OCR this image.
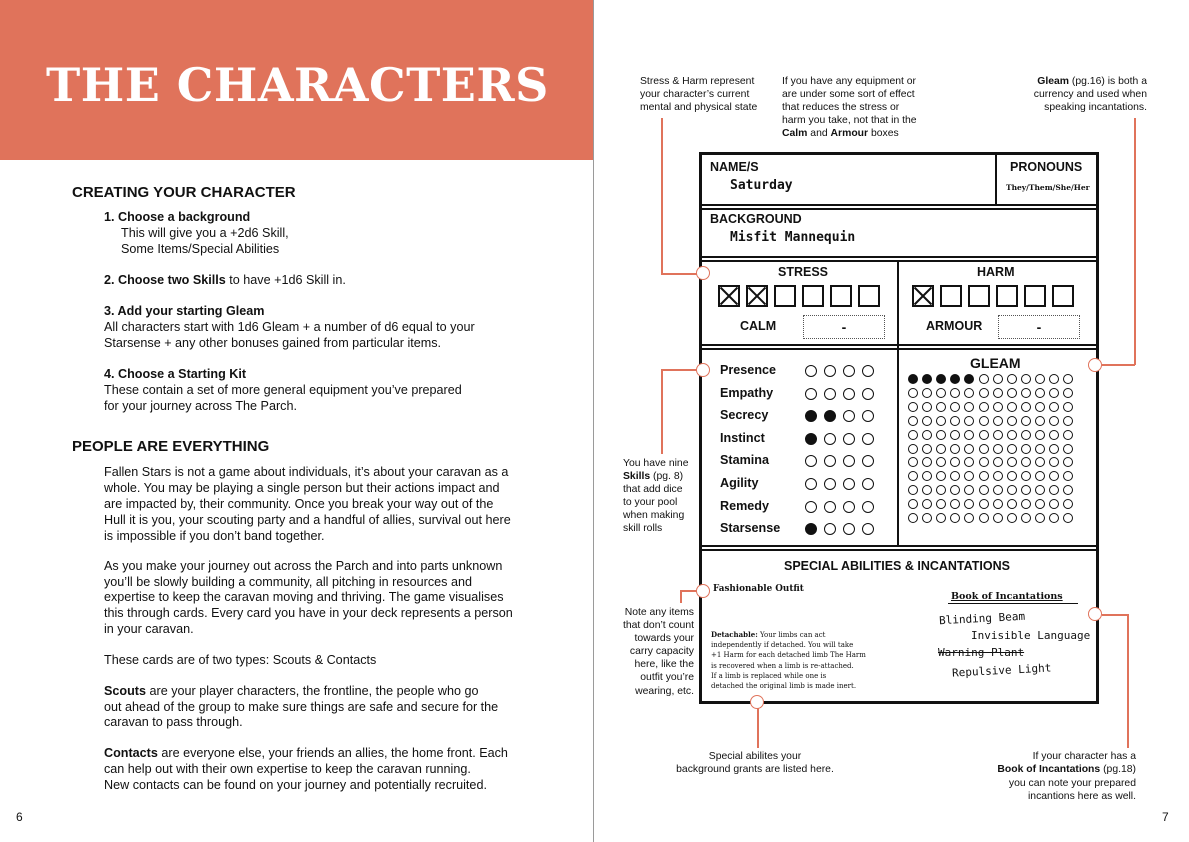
THE CHARACTERS
CREATING YOUR CHARACTER
1. Choose a background
This will give you a +2d6 Skill,
Some Items/Special Abilities
2. Choose two Skills to have +1d6 Skill in.
3. Add your starting Gleam
All characters start with 1d6 Gleam + a number of d6 equal to your
Starsense + any other bonuses gained from particular items.
4. Choose a Starting Kit
These contain a set of more general equipment you’ve prepared
for your journey across The Parch.
PEOPLE ARE EVERYTHING
Fallen Stars is not a game about individuals, it’s about your caravan as a
whole. You may be playing a single person but their actions impact and
are impacted by, their community. Once you break your way out of the
Hull it is you, your scouting party and a handful of allies, survival out here
is impossible if you don’t band together.
As you make your journey out across the Parch and into parts unknown
you’ll be slowly building a community, all pitching in resources and
expertise to keep the caravan moving and thriving. The game visualises
this through cards. Every card you have in your deck represents a person
in your caravan.
These cards are of two types: Scouts & Contacts
Scouts are your player characters, the frontline, the people who go
out ahead of the group to make sure things are safe and secure for the
caravan to pass through.
Contacts are everyone else, your friends an allies, the home front. Each
can help out with their own expertise to keep the caravan running.
New contacts can be found on your journey and potentially recruited.
6
Stress & Harm represent
your character’s current
mental and physical state
If you have any equipment or
are under some sort of effect
that reduces the stress or
harm you take, not that in the
Calm and Armour boxes
Gleam (pg.16) is both a
currency and used when
speaking incantations.
You have nine
Skills (pg. 8)
that add dice
to your pool
when making
skill rolls
Note any items
that don’t count
towards your
carry capacity
here, like the
outfit you’re
wearing, etc.
Special abilites your
background grants are listed here.
If your character has a
Book of Incantations (pg.18)
you can note your prepared
incantions here as well.
NAME/S
Saturday
PRONOUNS
They/Them/She/Her
BACKGROUND
Misfit Mannequin
STRESS	HARM
CALM	-	ARMOUR	-
Presence
Empathy
Secrecy
Instinct
Stamina
Agility
Remedy
Starsense
GLEAM
SPECIAL ABILITIES & INCANTATIONS
Fashionable Outfit
Detachable: Your limbs can act
independently if detached. You will take
+1 Harm for each detached limb The Harm
is recovered when a limb is re-attached.
If a limb is replaced while one is
detached the original limb is made inert.
Book of Incantations
Blinding Beam
Invisible Language
Warning Plant
Repulsive Light
7
